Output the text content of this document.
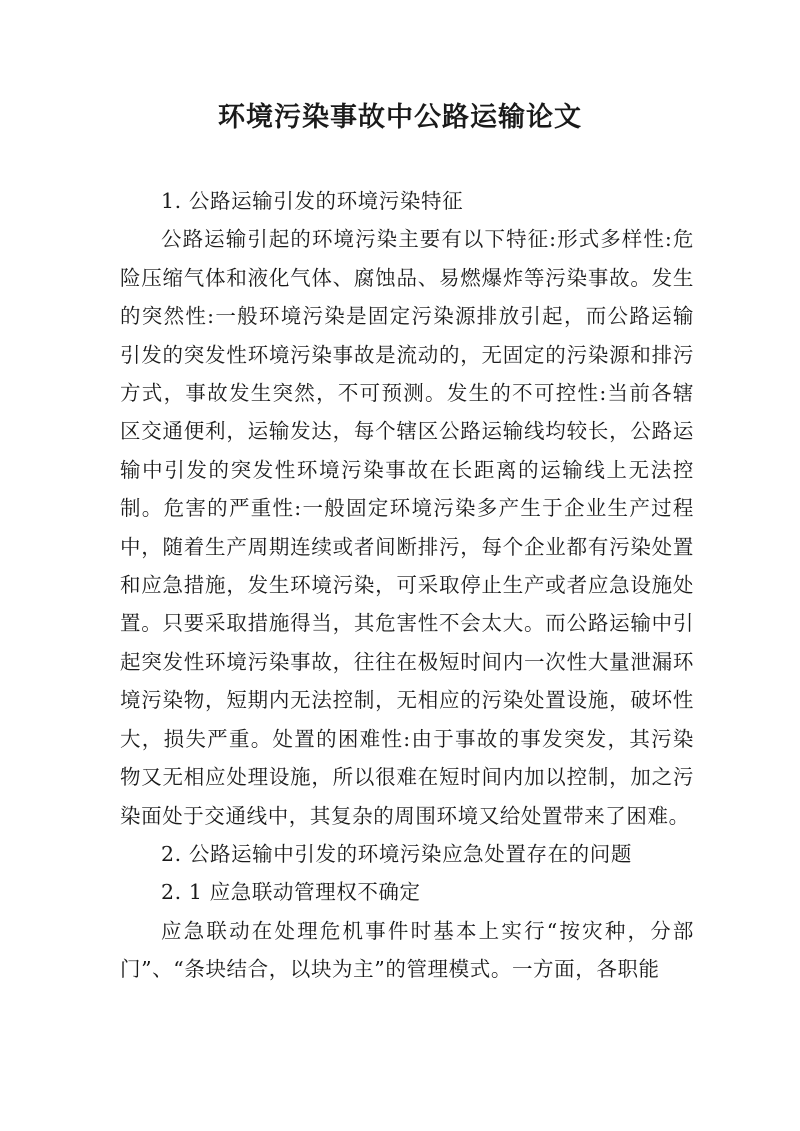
环境污染事故中公路运输论文

1. 公路运输引发的环境污染特征

公路运输引起的环境污染主要有以下特征:形式多样性:危险压缩气体和液化气体、腐蚀品、易燃爆炸等污染事故。发生的突然性:一般环境污染是固定污染源排放引起，而公路运输引发的突发性环境污染事故是流动的，无固定的污染源和排污方式，事故发生突然，不可预测。发生的不可控性:当前各辖区交通便利，运输发达，每个辖区公路运输线均较长，公路运输中引发的突发性环境污染事故在长距离的运输线上无法控制。危害的严重性:一般固定环境污染多产生于企业生产过程中，随着生产周期连续或者间断排污，每个企业都有污染处置和应急措施，发生环境污染，可采取停止生产或者应急设施处置。只要采取措施得当，其危害性不会太大。而公路运输中引起突发性环境污染事故，往往在极短时间内一次性大量泄漏环境污染物，短期内无法控制，无相应的污染处置设施，破坏性大，损失严重。处置的困难性:由于事故的事发突发，其污染物又无相应处理设施，所以很难在短时间内加以控制，加之污染面处于交通线中，其复杂的周围环境又给处置带来了困难。

2. 公路运输中引发的环境污染应急处置存在的问题

2. 1 应急联动管理权不确定

应急联动在处理危机事件时基本上实行“按灾种，分部门”、“条块结合，以块为主”的管理模式。一方面，各职能
